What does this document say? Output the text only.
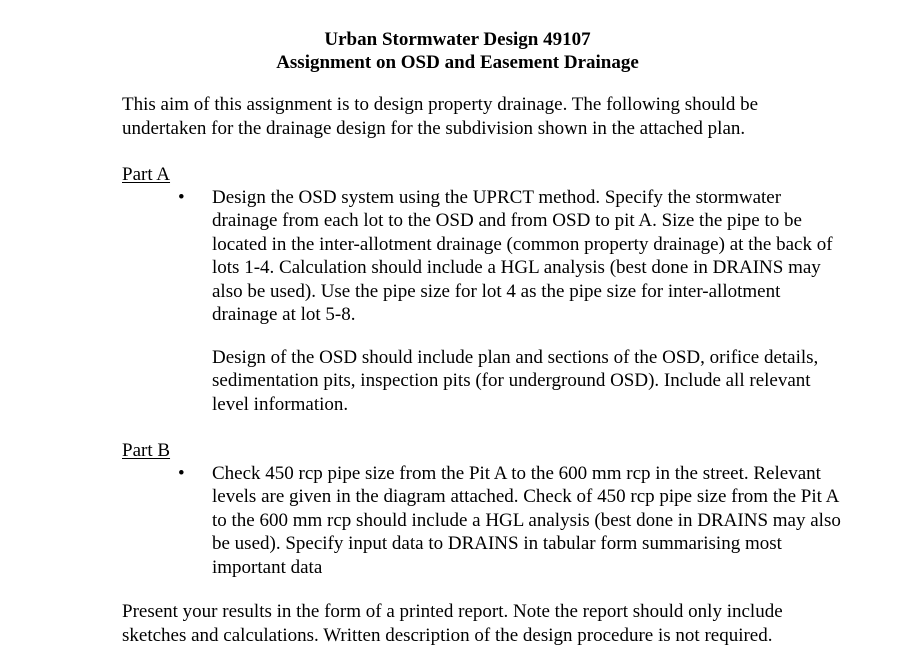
Urban Stormwater Design 49107
Assignment on OSD and Easement Drainage
This aim of this assignment is to design property drainage. The following should be undertaken for the drainage design for the subdivision shown in the attached plan.
Part A
• Design the OSD system using the UPRCT method. Specify the stormwater drainage from each lot to the OSD and from OSD to pit A. Size the pipe to be located in the inter-allotment drainage (common property drainage) at the back of lots 1-4. Calculation should include a HGL analysis (best done in DRAINS may also be used). Use the pipe size for lot 4 as the pipe size for inter-allotment drainage at lot 5-8.
Design of the OSD should include plan and sections of the OSD, orifice details, sedimentation pits, inspection pits (for underground OSD). Include all relevant level information.
Part B
• Check 450 rcp pipe size from the Pit A to the 600 mm rcp in the street. Relevant levels are given in the diagram attached. Check of 450 rcp pipe size from the Pit A to the 600 mm rcp should include a HGL analysis (best done in DRAINS may also be used). Specify input data to DRAINS in tabular form summarising most important data
Present your results in the form of a printed report. Note the report should only include sketches and calculations. Written description of the design procedure is not required.
